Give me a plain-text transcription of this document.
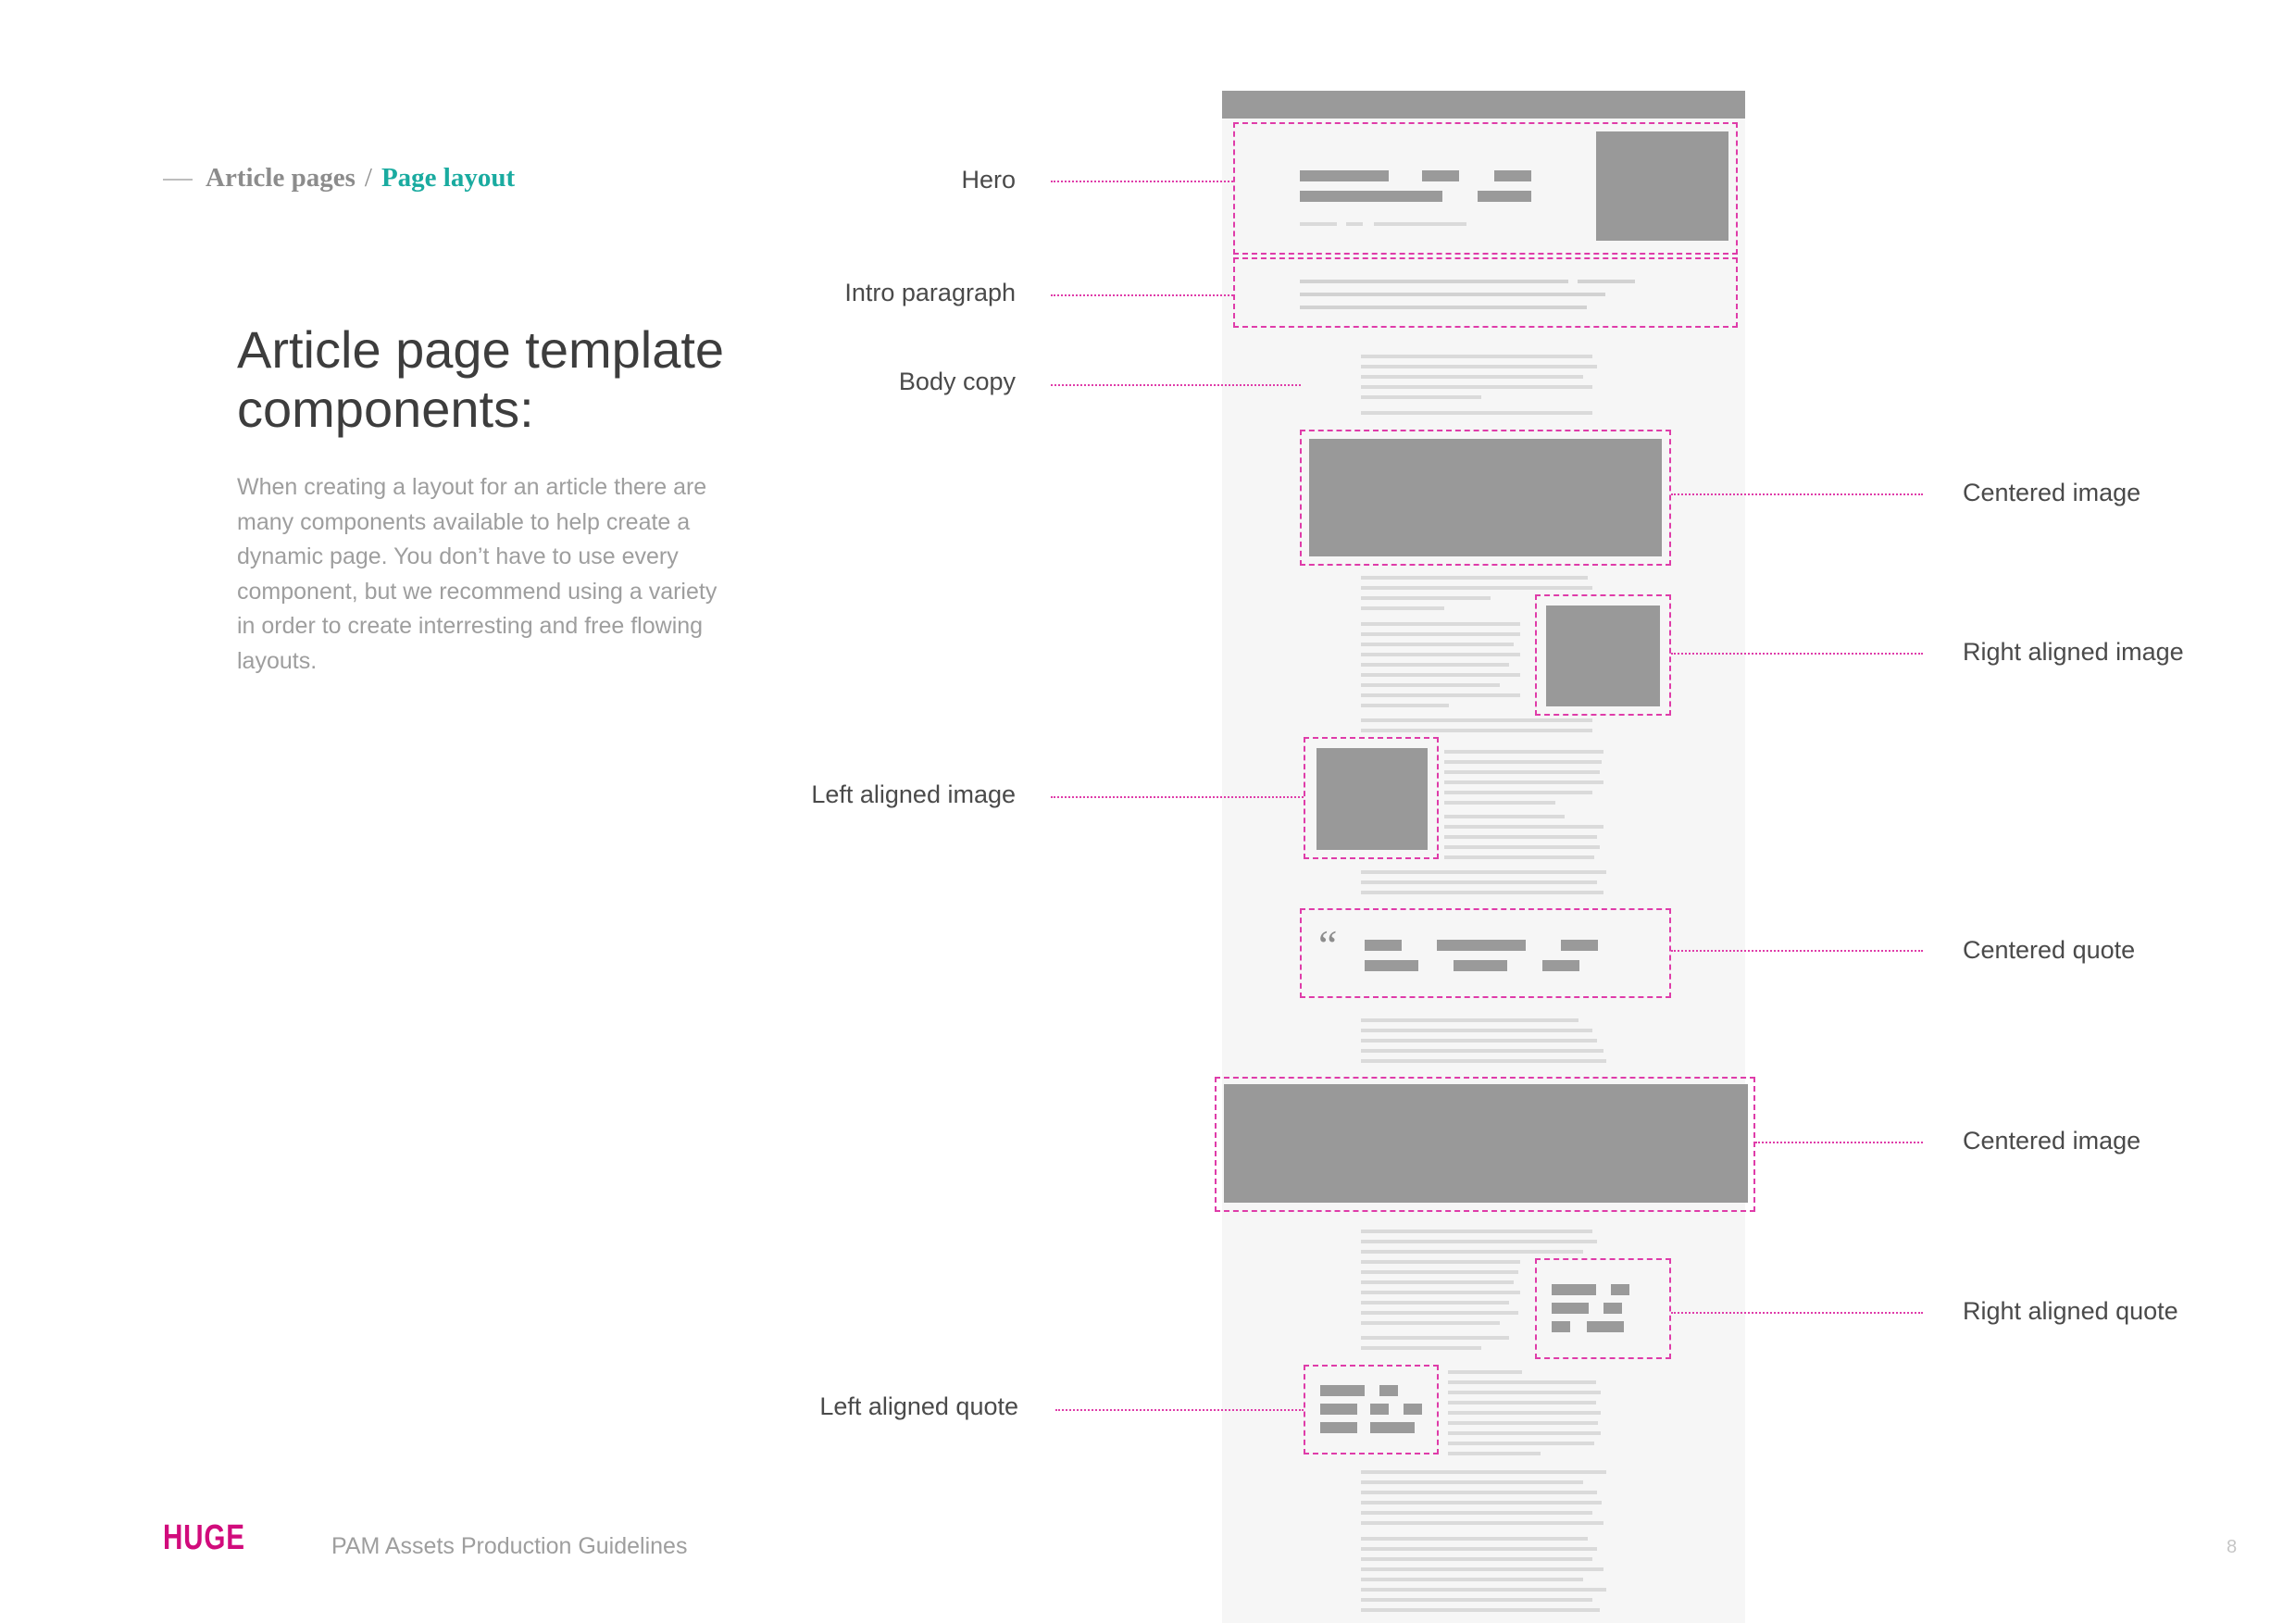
Article pages / Page layout
Article page template components:
When creating a layout for an article there are many components available to help create a dynamic page. You don’t have to use every component, but we recommend using a variety in order to create interresting and free flowing layouts.
“
Hero
Intro paragraph
Body copy
Left aligned image
Left aligned quote
Centered image
Right aligned image
Centered quote
Centered image
Right aligned quote
HUGE	PAM Assets Production Guidelines	8
